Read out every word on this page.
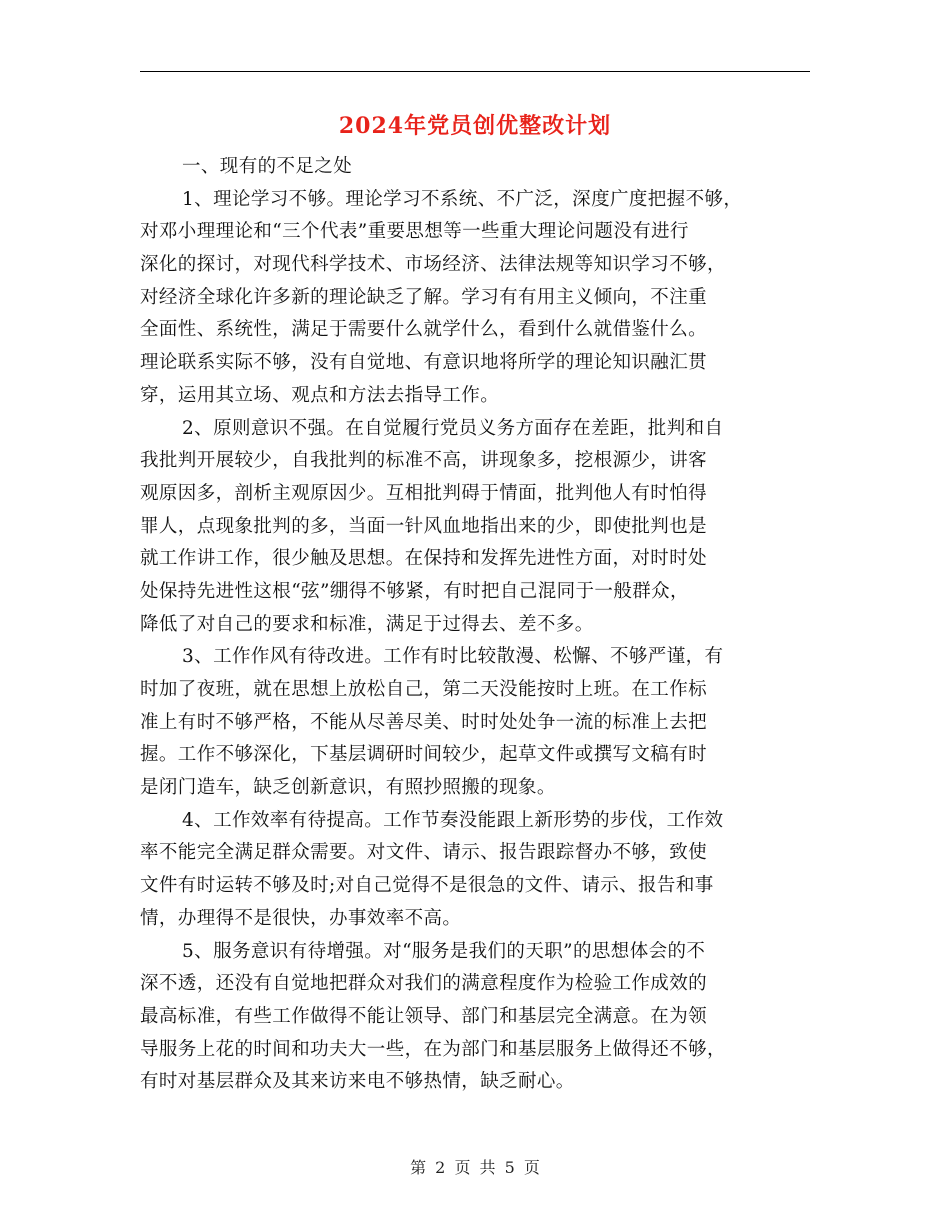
2024年党员创优整改计划
一、现有的不足之处
1、理论学习不够。理论学习不系统、不广泛，深度广度把握不够，
对邓小理理论和“三个代表”重要思想等一些重大理论问题没有进行
深化的探讨，对现代科学技术、市场经济、法律法规等知识学习不够，
对经济全球化许多新的理论缺乏了解。学习有有用主义倾向，不注重
全面性、系统性，满足于需要什么就学什么，看到什么就借鉴什么。
理论联系实际不够，没有自觉地、有意识地将所学的理论知识融汇贯
穿，运用其立场、观点和方法去指导工作。
2、原则意识不强。在自觉履行党员义务方面存在差距，批判和自
我批判开展较少，自我批判的标准不高，讲现象多，挖根源少，讲客
观原因多，剖析主观原因少。互相批判碍于情面，批判他人有时怕得
罪人，点现象批判的多，当面一针风血地指出来的少，即使批判也是
就工作讲工作，很少触及思想。在保持和发挥先进性方面，对时时处
处保持先进性这根“弦”绷得不够紧，有时把自己混同于一般群众，
降低了对自己的要求和标准，满足于过得去、差不多。
3、工作作风有待改进。工作有时比较散漫、松懈、不够严谨，有
时加了夜班，就在思想上放松自己，第二天没能按时上班。在工作标
准上有时不够严格，不能从尽善尽美、时时处处争一流的标准上去把
握。工作不够深化，下基层调研时间较少，起草文件或撰写文稿有时
是闭门造车，缺乏创新意识，有照抄照搬的现象。
4、工作效率有待提高。工作节奏没能跟上新形势的步伐，工作效
率不能完全满足群众需要。对文件、请示、报告跟踪督办不够，致使
文件有时运转不够及时;对自己觉得不是很急的文件、请示、报告和事
情，办理得不是很快，办事效率不高。
5、服务意识有待增强。对“服务是我们的天职”的思想体会的不
深不透，还没有自觉地把群众对我们的满意程度作为检验工作成效的
最高标准，有些工作做得不能让领导、部门和基层完全满意。在为领
导服务上花的时间和功夫大一些，在为部门和基层服务上做得还不够，
有时对基层群众及其来访来电不够热情，缺乏耐心。
第 2 页 共 5 页
